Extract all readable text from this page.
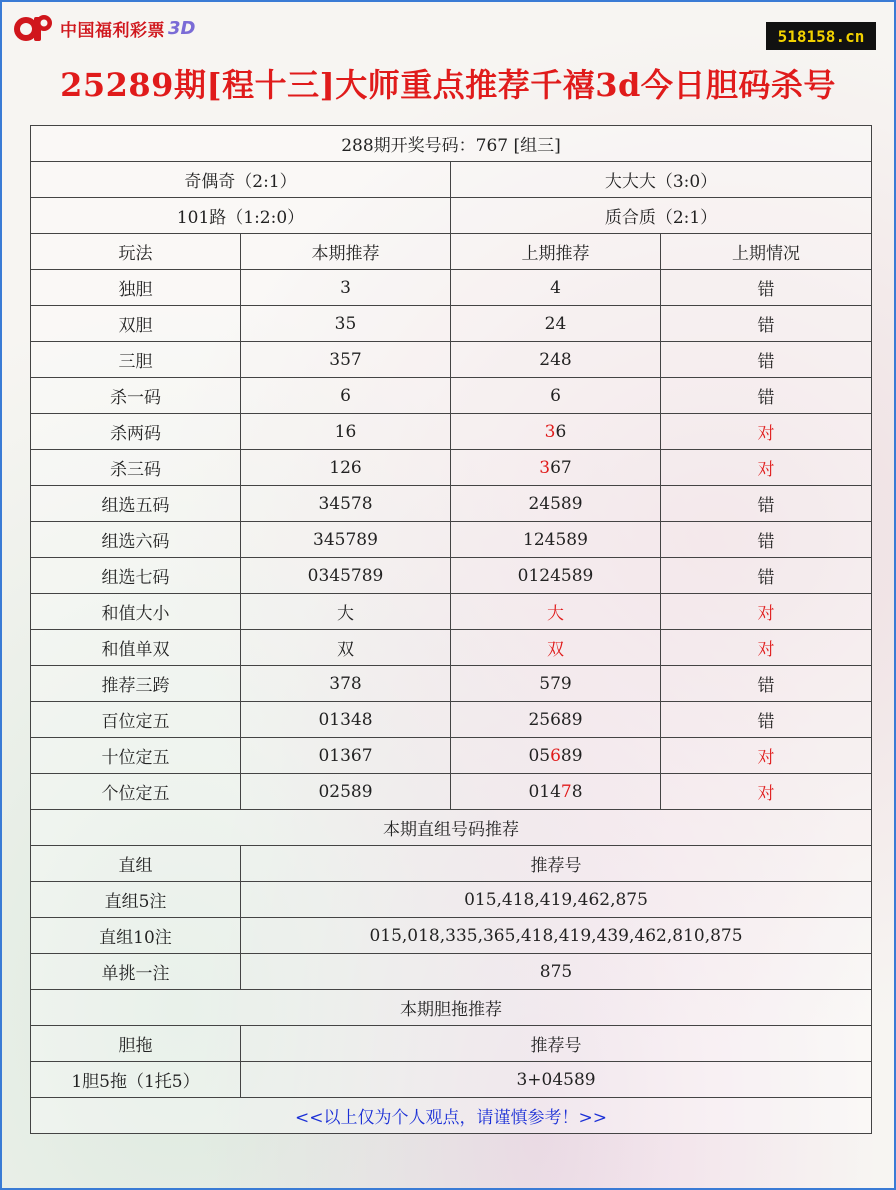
中国福利彩票 3D	518158.cn
25289期[程十三]大师重点推荐千禧3d今日胆码杀号
288期开奖号码：767 [组三]			
奇偶奇（2:1）		大大大（3:0）	
101路（1:2:0）		质合质（2:1）	
玩法	本期推荐	上期推荐	上期情况
独胆	3	4	错
双胆	35	24	错
三胆	357	248	错
杀一码	6	6	错
杀两码	16	36	对
杀三码	126	367	对
组选五码	34578	24589	错
组选六码	345789	124589	错
组选七码	0345789	0124589	错
和值大小	大	大	对
和值单双	双	双	对
推荐三跨	378	579	错
百位定五	01348	25689	错
十位定五	01367	05689	对
个位定五	02589	01478	对
本期直组号码推荐			
直组	推荐号		
直组5注	015,418,419,462,875		
直组10注	015,018,335,365,418,419,439,462,810,875		
单挑一注	875		
本期胆拖推荐			
胆拖	推荐号		
1胆5拖（1托5）	3+04589		
<<以上仅为个人观点，请谨慎参考！>>			
